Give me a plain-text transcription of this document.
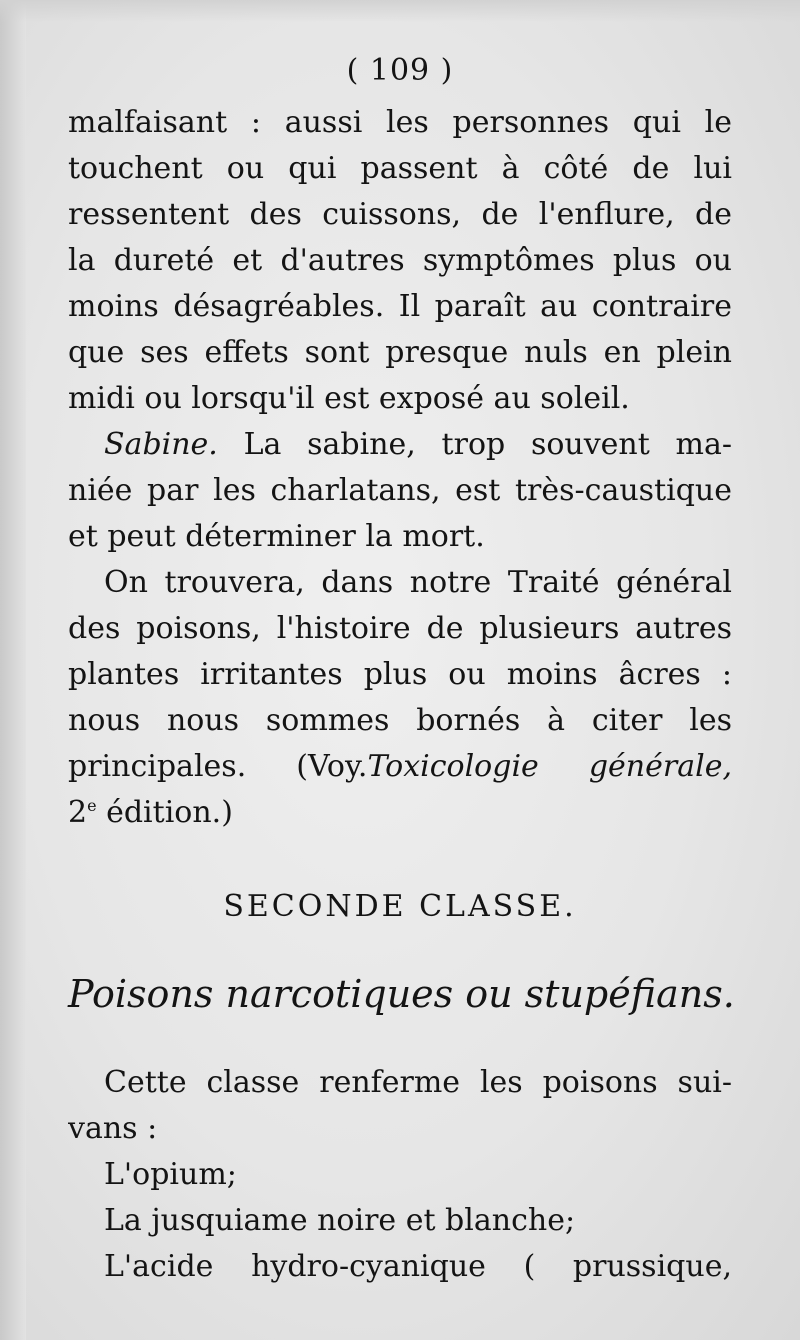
( 109 )
malfaisant : aussi les personnes qui le
touchent ou qui passent à côté de lui
ressentent des cuissons, de l'enflure, de
la dureté et d'autres symptômes plus ou
moins désagréables. Il paraît au contraire
que ses effets sont presque nuls en plein
midi ou lorsqu'il est exposé au soleil.
Sabine. La sabine, trop souvent ma-
niée par les charlatans, est très-caustique
et peut déterminer la mort.
On trouvera, dans notre Traité général
des poisons, l'histoire de plusieurs autres
plantes irritantes plus ou moins âcres :
nous nous sommes bornés à citer les
principales. (Voy.Toxicologie générale,
2e édition.)
SECONDE CLASSE.
Poisons narcotiques ou stupéfians.
Cette classe renferme les poisons sui-
vans :
L'opium;
La jusquiame noire et blanche;
L'acide hydro-cyanique ( prussique,
